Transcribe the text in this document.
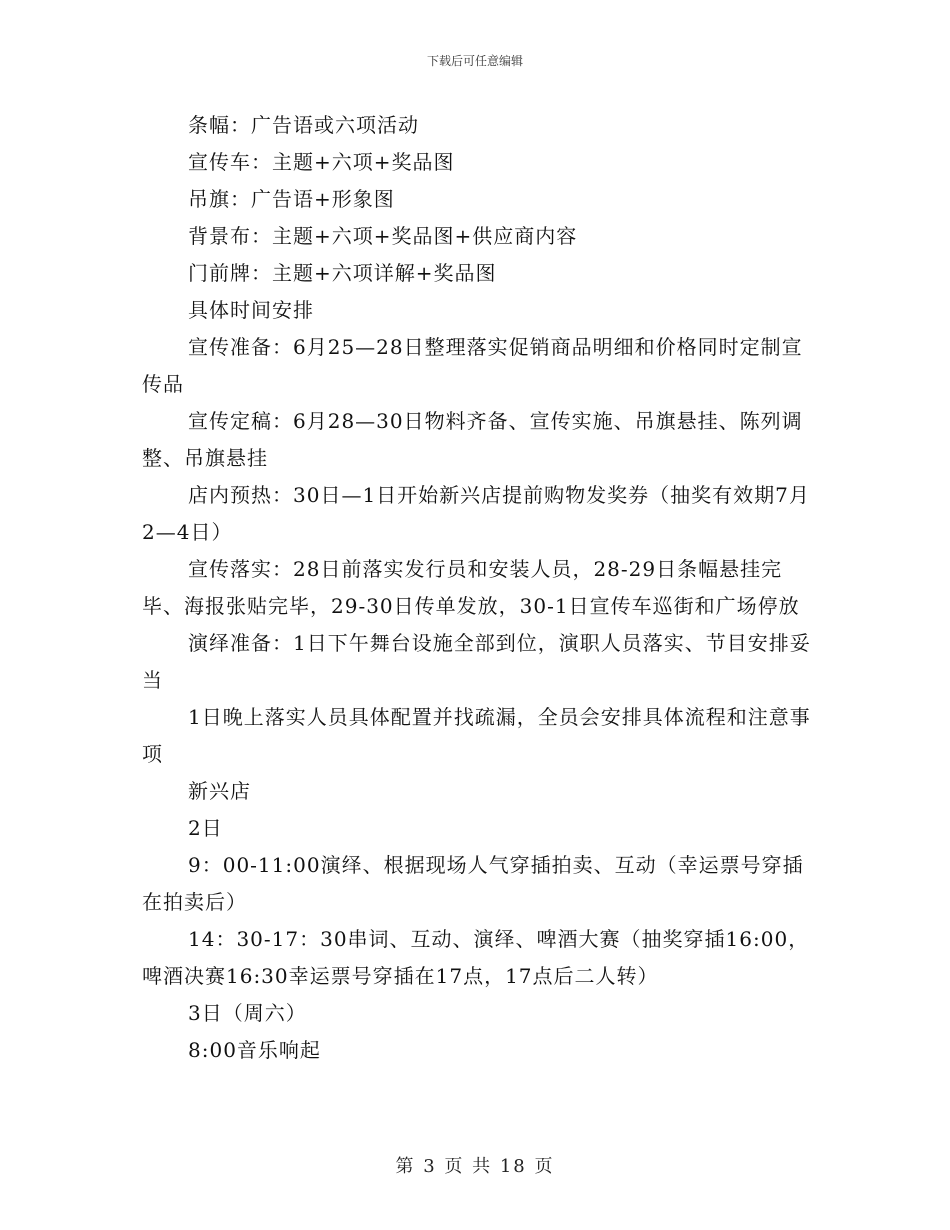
下载后可任意编辑

条幅：广告语或六项活动

宣传车：主题+六项+奖品图

吊旗：广告语+形象图

背景布：主题+六项+奖品图+供应商内容

门前牌：主题+六项详解+奖品图

具体时间安排

宣传准备：6月25—28日整理落实促销商品明细和价格同时定制宣传品

宣传定稿：6月28—30日物料齐备、宣传实施、吊旗悬挂、陈列调整、吊旗悬挂

店内预热：30日—1日开始新兴店提前购物发奖券（抽奖有效期7月2—4日）

宣传落实：28日前落实发行员和安装人员，28-29日条幅悬挂完毕、海报张贴完毕，29-30日传单发放，30-1日宣传车巡街和广场停放

演绎准备：1日下午舞台设施全部到位，演职人员落实、节目安排妥当

1日晚上落实人员具体配置并找疏漏，全员会安排具体流程和注意事项

新兴店

2日

9：00-11:00演绎、根据现场人气穿插拍卖、互动（幸运票号穿插在拍卖后）

14：30-17：30串词、互动、演绎、啤酒大赛（抽奖穿插16:00，啤酒决赛16:30幸运票号穿插在17点，17点后二人转）

3日（周六）

8:00音乐响起

第 3 页 共 18 页
